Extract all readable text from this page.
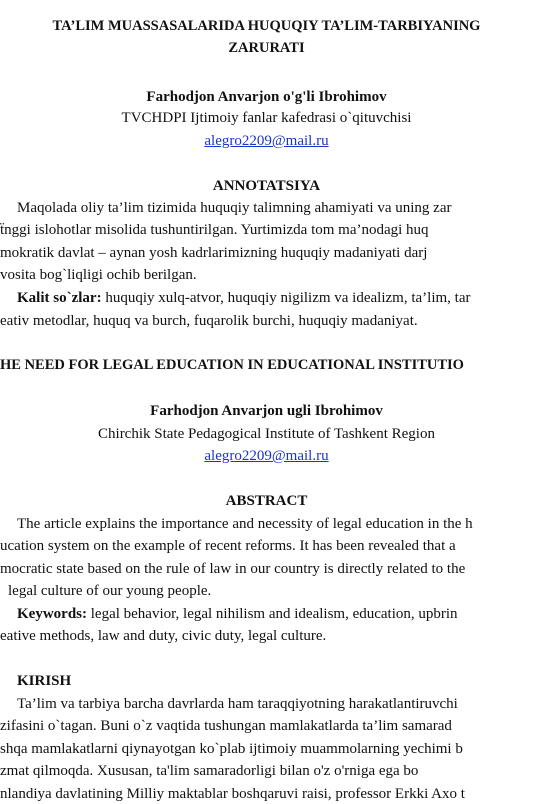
TA’LIM MUASSASALARIDA HUQUQIY TA’LIM-TARBIYANING
ZARURATI
Farhodjon Anvarjon o'g'li Ibrohimov
TVCHDPI Ijtimoiy fanlar kafedrasi o`qituvchisi
alegro2209@mail.ru
ANNOTATSIYA
Maqolada oliy ta’lim tizimida huquqiy talimning ahamiyati va uning zar
ẗnggi islohotlar misolida tushuntirilgan. Yurtimizda tom ma’nodagi huq
mokratik davlat – aynan yosh kadrlarimizning huquqiy madaniyati darj
vosita bog`liqligi ochib berilgan.
Kalit so`zlar: huquqiy xulq-atvor, huquqiy nigilizm va idealizm, ta’lim, tar
eativ metodlar, huquq va burch, fuqarolik burchi, huquqiy madaniyat.
HE NEED FOR LEGAL EDUCATION IN EDUCATIONAL INSTITUTIO
Farhodjon Anvarjon ugli Ibrohimov
Chirchik State Pedagogical Institute of Tashkent Region
alegro2209@mail.ru
ABSTRACT
The article explains the importance and necessity of legal education in the h
ucation system on the example of recent reforms. It has been revealed that a
mocratic state based on the rule of law in our country is directly related to the
legal culture of our young people.
Keywords: legal behavior, legal nihilism and idealism, education, upbrin
eative methods, law and duty, civic duty, legal culture.
KIRISH
Ta’lim va tarbiya barcha davrlarda ham taraqqiyotning harakatlantiruvchi
zifasini o`tagan. Buni o`z vaqtida tushungan mamlakatlarda ta’lim samarad
shqa mamlakatlarni qiynayotgan ko`plab ijtimoiy muammolarning yechimi b
zmat qilmoqda. Xususan, ta'lim samaradorligi bilan o'z o'rniga ega bo
nlandiya davlatining Milliy maktablar boshqaruvi raisi, professor Erkki Axo t
